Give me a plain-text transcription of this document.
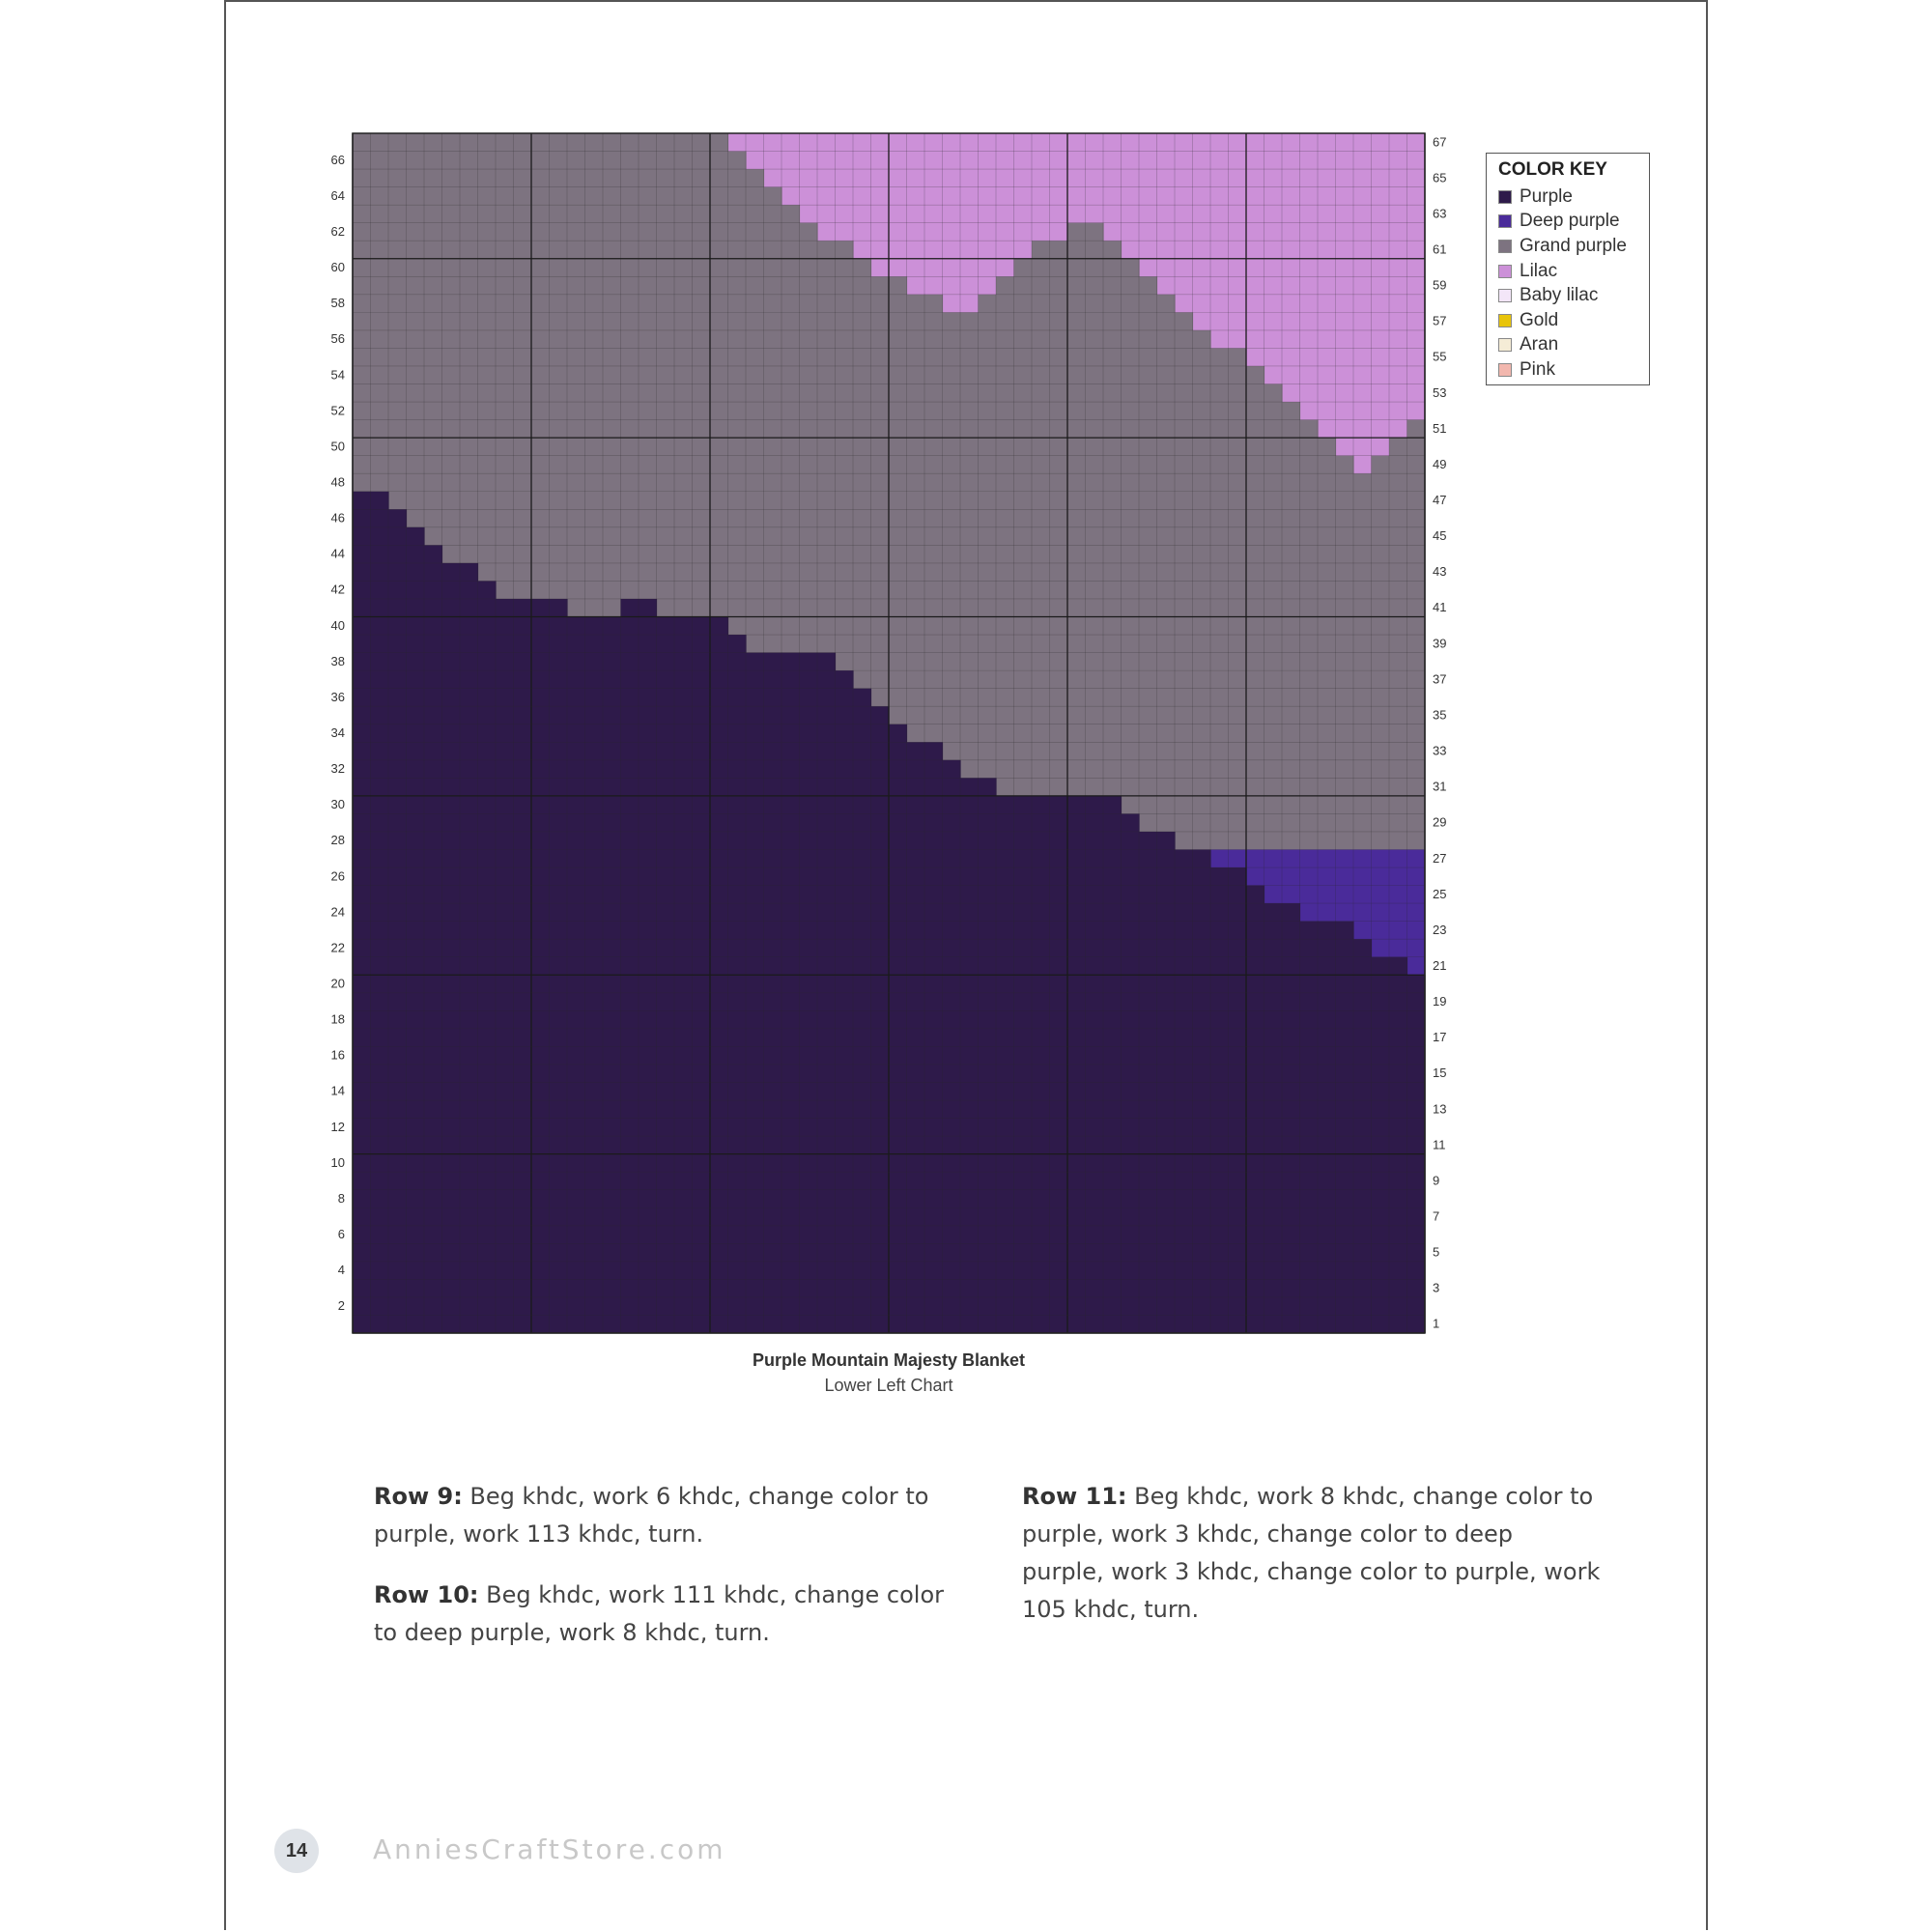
2
4
6
8
10
12
14
16
18
20
22
24
26
28
30
32
34
36
38
40
42
44
46
48
50
52
54
56
58
60
62
64
66
1
3
5
7
9
11
13
15
17
19
21
23
25
27
29
31
33
35
37
39
41
43
45
47
49
51
53
55
57
59
61
63
65
67
COLOR KEY
Purple
Deep purple
Grand purple
Lilac
Baby lilac
Gold
Aran
Pink
Purple Mountain Majesty Blanket
Lower Left Chart

Row 9: Beg khdc, work 6 khdc, change color to purple, work 113 khdc, turn.

Row 10: Beg khdc, work 111 khdc, change color to deep purple, work 8 khdc, turn.

Row 11: Beg khdc, work 8 khdc, change color to purple, work 3 khdc, change color to deep purple, work 3 khdc, change color to purple, work 105 khdc, turn.

14	AnniesCraftStore.com
